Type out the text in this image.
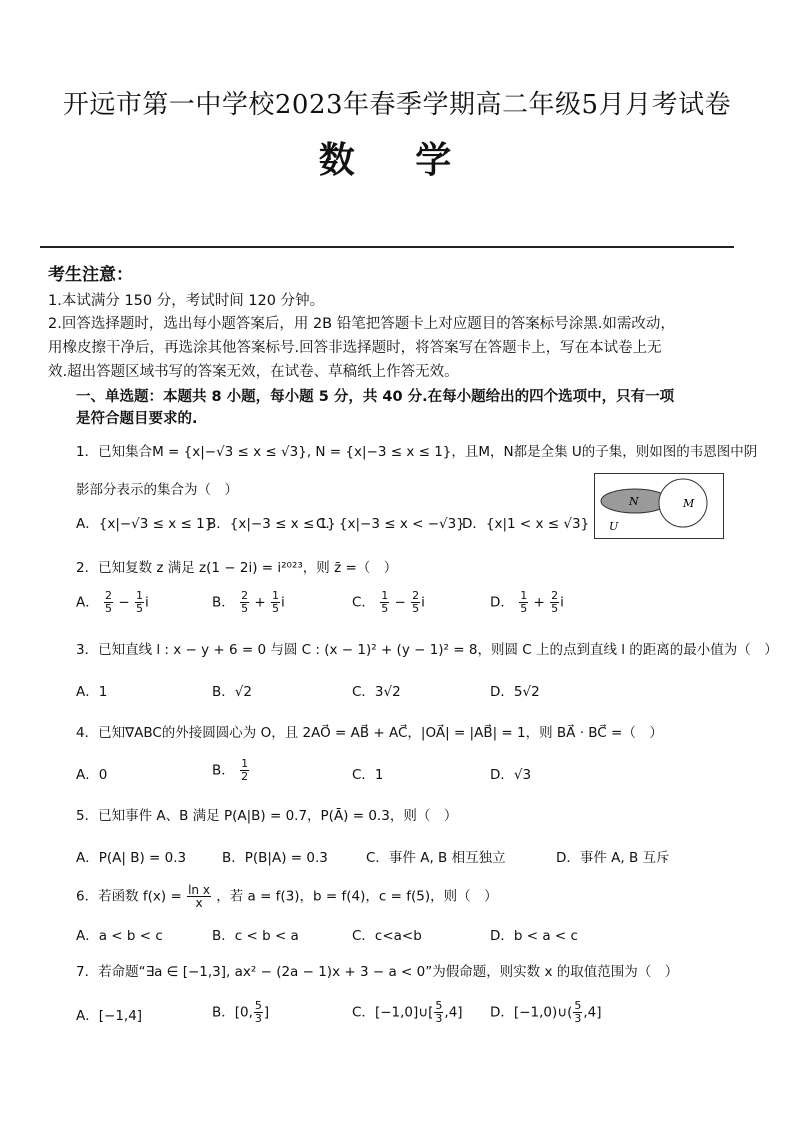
开远市第一中学校2023年春季学期高二年级5月月考试卷
数 学
考生注意：
1.本试满分 150 分，考试时间 120 分钟。
2.回答选择题时，选出每小题答案后，用 2B 铅笔把答题卡上对应题目的答案标号涂黑.如需改动，
用橡皮擦干净后，再选涂其他答案标号.回答非选择题时，将答案写在答题卡上，写在本试卷上无
效.超出答题区域书写的答案无效，在试卷、草稿纸上作答无效。
一、单选题：本题共 8 小题，每小题 5 分，共 40 分.在每小题给出的四个选项中，只有一项
是符合题目要求的.
1．已知集合M = {x|−√3 ≤ x ≤ √3}, N = {x|−3 ≤ x ≤ 1}，且M，N都是全集 U的子集，则如图的韦恩图中阴
影部分表示的集合为（　）
A．{x|−√3 ≤ x ≤ 1}
B．{x|−3 ≤ x ≤ 1}
C．{x|−3 ≤ x < −√3}
D．{x|1 < x ≤ √3}
N	M
U
2．已知复数 z 满足 z(1 − 2i) = i²⁰²³，则 z̄ =（　）
A． $\frac{2}{5} - \frac{1}{5}$ i	B． $\frac{2}{5} + \frac{1}{5}$ i	C． $\frac{1}{5} - \frac{2}{5}$ i	D． $\frac{1}{5} + \frac{2}{5}$ i
3．已知直线 l : x − y + 6 = 0 与圆 C : (x − 1)² + (y − 1)² = 8，则圆 C 上的点到直线 l 的距离的最小值为（　）
A．1	B．√2	C．3√2	D．5√2
4．已知∇ABC的外接圆圆心为 O，且 2AO⃗ = AB⃗ + AC⃗，|OA⃗| = |AB⃗| = 1，则 BA⃗ · BC⃗ =（　）
A．0	B． $\frac{1}{2}$	C．1	D．√3
5．已知事件 A、B 满足 P(A|B) = 0.7，P(Ā) = 0.3，则（　）
A．P(A| B) = 0.3	B．P(B|A) = 0.3	C．事件 A, B 相互独立	D．事件 A, B 互斥
6．若函数 $f(x) = \frac{\text{ln x}}{x}$ ，若 a = f(3)，b = f(4)，c = f(5)，则（　）
A．a < b < c	B．c < b < a	C．c<a<b	D．b < a < c
7．若命题“∃a ∈ [−1,3], ax² − (2a − 1)x + 3 − a < 0”为假命题，则实数 x 的取值范围为（　）
A．[−1,4]	B．[0, $\frac{5}{3}$ ]	C．[−1,0]∪[ $\frac{5}{3} ,4$] D．[−1,0)∪( $\frac{5}{3} ,4$]
